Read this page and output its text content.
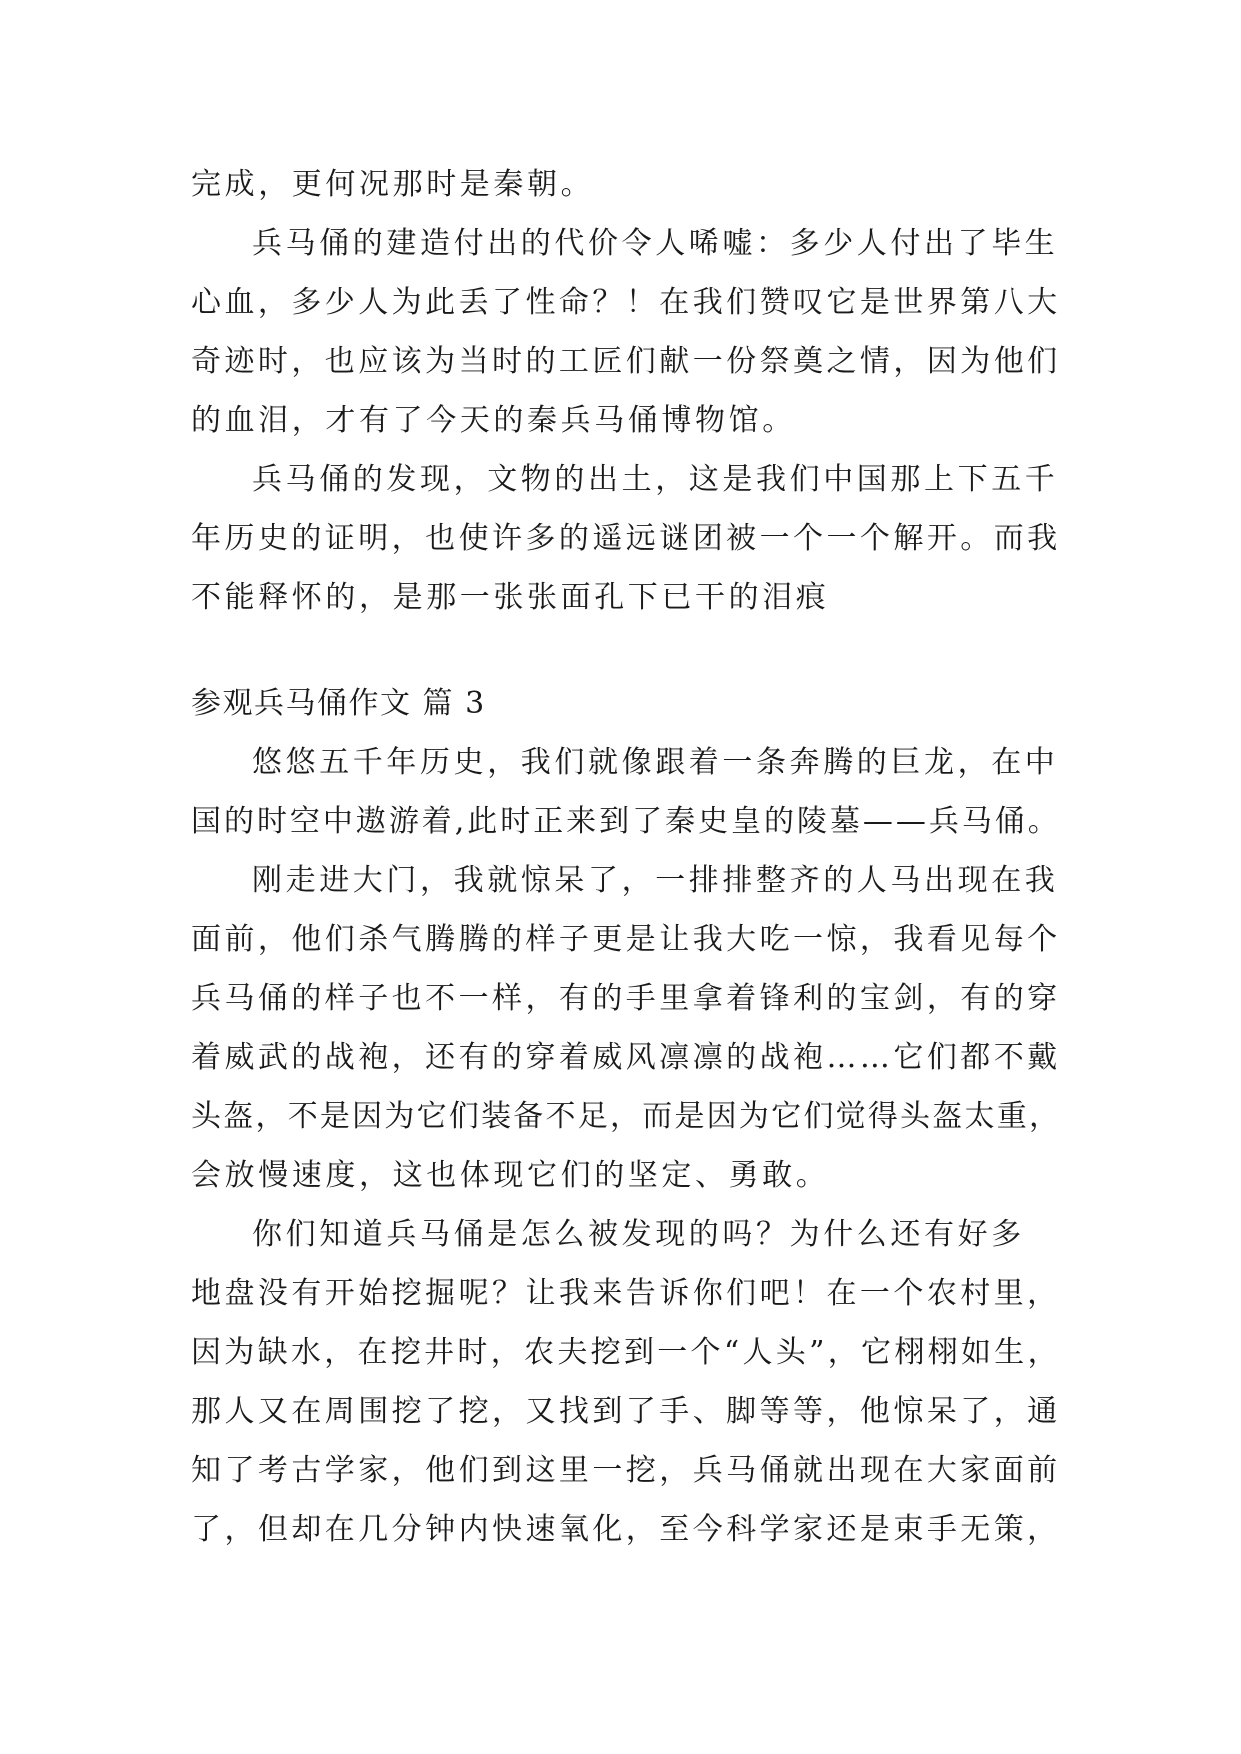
完成，更何况那时是秦朝。
兵马俑的建造付出的代价令人唏嘘：多少人付出了毕生
心血，多少人为此丢了性命？！在我们赞叹它是世界第八大
奇迹时，也应该为当时的工匠们献一份祭奠之情，因为他们
的血泪，才有了今天的秦兵马俑博物馆。
兵马俑的发现，文物的出土，这是我们中国那上下五千
年历史的证明，也使许多的遥远谜团被一个一个解开。而我
不能释怀的，是那一张张面孔下已干的泪痕
参观兵马俑作文 篇 3
悠悠五千年历史，我们就像跟着一条奔腾的巨龙，在中
国的时空中遨游着,此时正来到了秦史皇的陵墓——兵马俑。
刚走进大门，我就惊呆了，一排排整齐的人马出现在我
面前，他们杀气腾腾的样子更是让我大吃一惊，我看见每个
兵马俑的样子也不一样，有的手里拿着锋利的宝剑，有的穿
着威武的战袍，还有的穿着威风凛凛的战袍……它们都不戴
头盔，不是因为它们装备不足，而是因为它们觉得头盔太重，
会放慢速度，这也体现它们的坚定、勇敢。
你们知道兵马俑是怎么被发现的吗？为什么还有好多
地盘没有开始挖掘呢？让我来告诉你们吧！在一个农村里，
因为缺水，在挖井时，农夫挖到一个“人头”，它栩栩如生，
那人又在周围挖了挖，又找到了手、脚等等，他惊呆了，通
知了考古学家，他们到这里一挖，兵马俑就出现在大家面前
了，但却在几分钟内快速氧化，至今科学家还是束手无策，
